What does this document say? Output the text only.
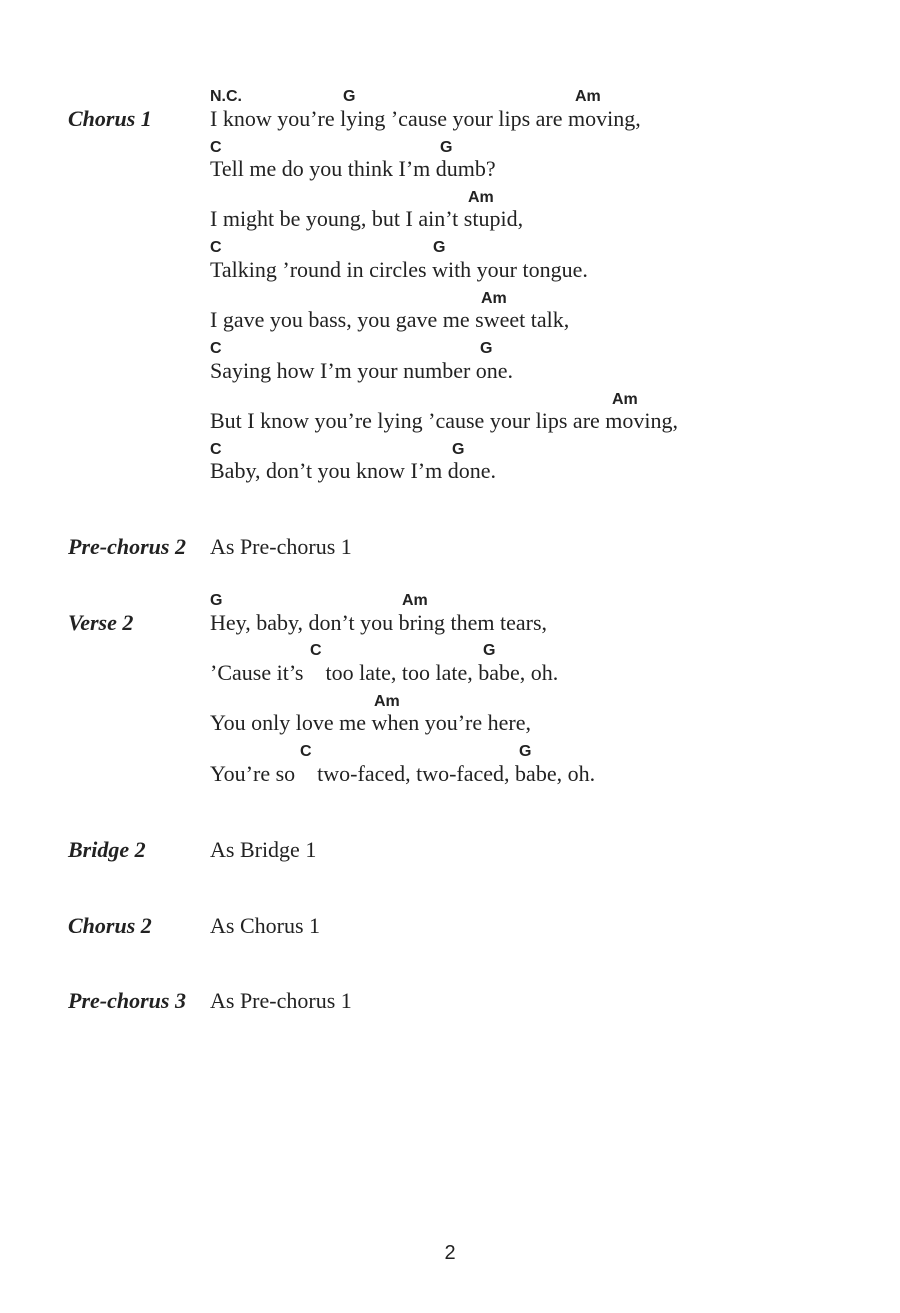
Chorus 1
N.C.	G	Am
I know you’re lying ’cause your lips are moving,
C	G
Tell me do you think I’m dumb?
Am
I might be young, but I ain’t stupid,
C	G
Talking ’round in circles with your tongue.
Am
I gave you bass, you gave me sweet talk,
C	G
Saying how I’m your number one.
Am
But I know you’re lying ’cause your lips are moving,
C	G
Baby, don’t you know I’m done.
Pre-chorus 2 As Pre-chorus 1
Verse 2
G	Am
Hey, baby, don’t you bring them tears,
C	G
’Cause it’s    too late, too late, babe, oh.
Am
You only love me when you’re here,
C	G
You’re so    two-faced, two-faced, babe, oh.
Bridge 2	As Bridge 1
Chorus 2	As Chorus 1
Pre-chorus 3 As Pre-chorus 1
2
